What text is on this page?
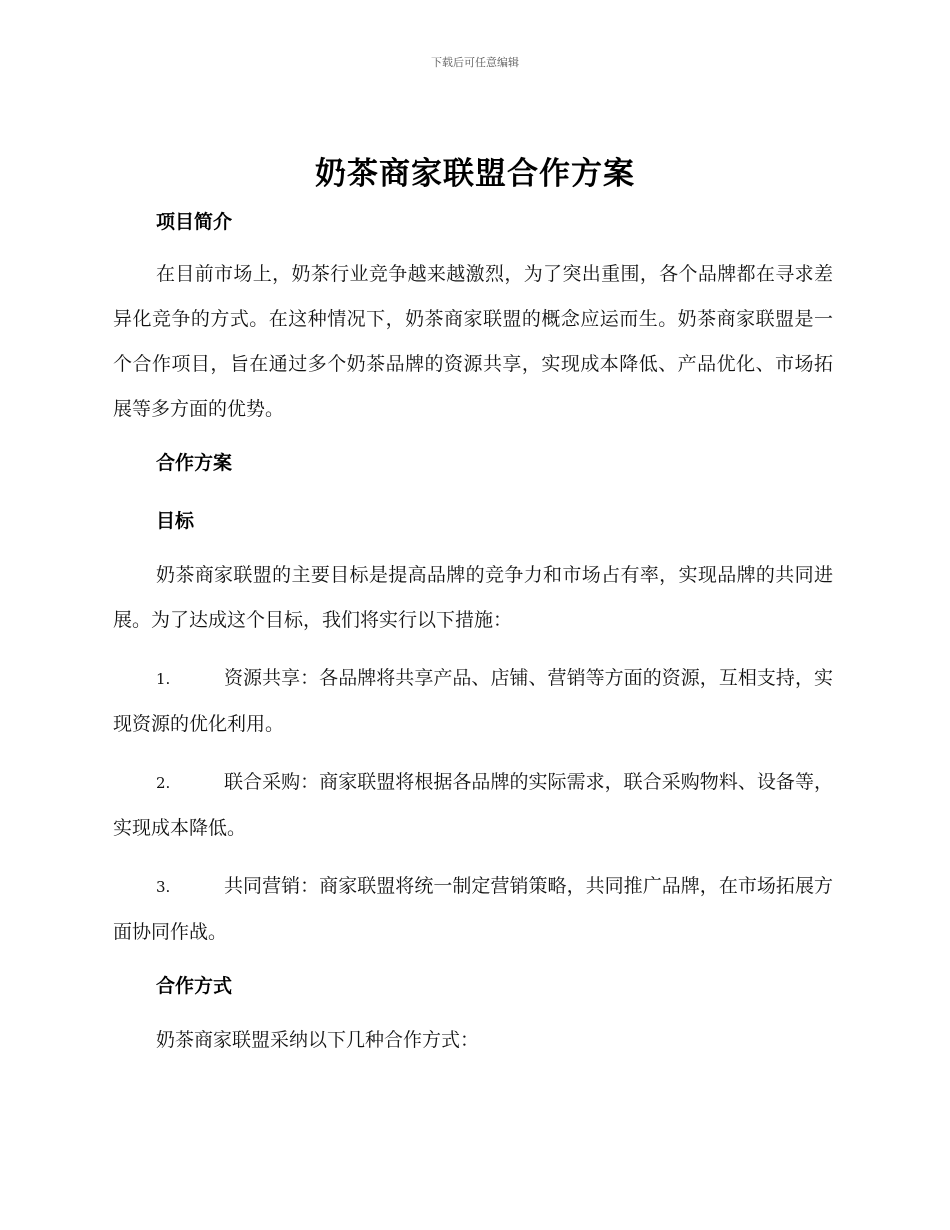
下载后可任意编辑
奶茶商家联盟合作方案
项目简介

在目前市场上，奶茶行业竞争越来越激烈，为了突出重围，各个品牌都在寻求差异化竞争的方式。在这种情况下，奶茶商家联盟的概念应运而生。奶茶商家联盟是一个合作项目，旨在通过多个奶茶品牌的资源共享，实现成本降低、产品优化、市场拓展等多方面的优势。

合作方案
目标

奶茶商家联盟的主要目标是提高品牌的竞争力和市场占有率，实现品牌的共同进展。为了达成这个目标，我们将实行以下措施：

1.	资源共享：各品牌将共享产品、店铺、营销等方面的资源，互相支持，实现资源的优化利用。

2.	联合采购：商家联盟将根据各品牌的实际需求，联合采购物料、设备等，实现成本降低。

3.	共同营销：商家联盟将统一制定营销策略，共同推广品牌，在市场拓展方面协同作战。

合作方式

奶茶商家联盟采纳以下几种合作方式：
